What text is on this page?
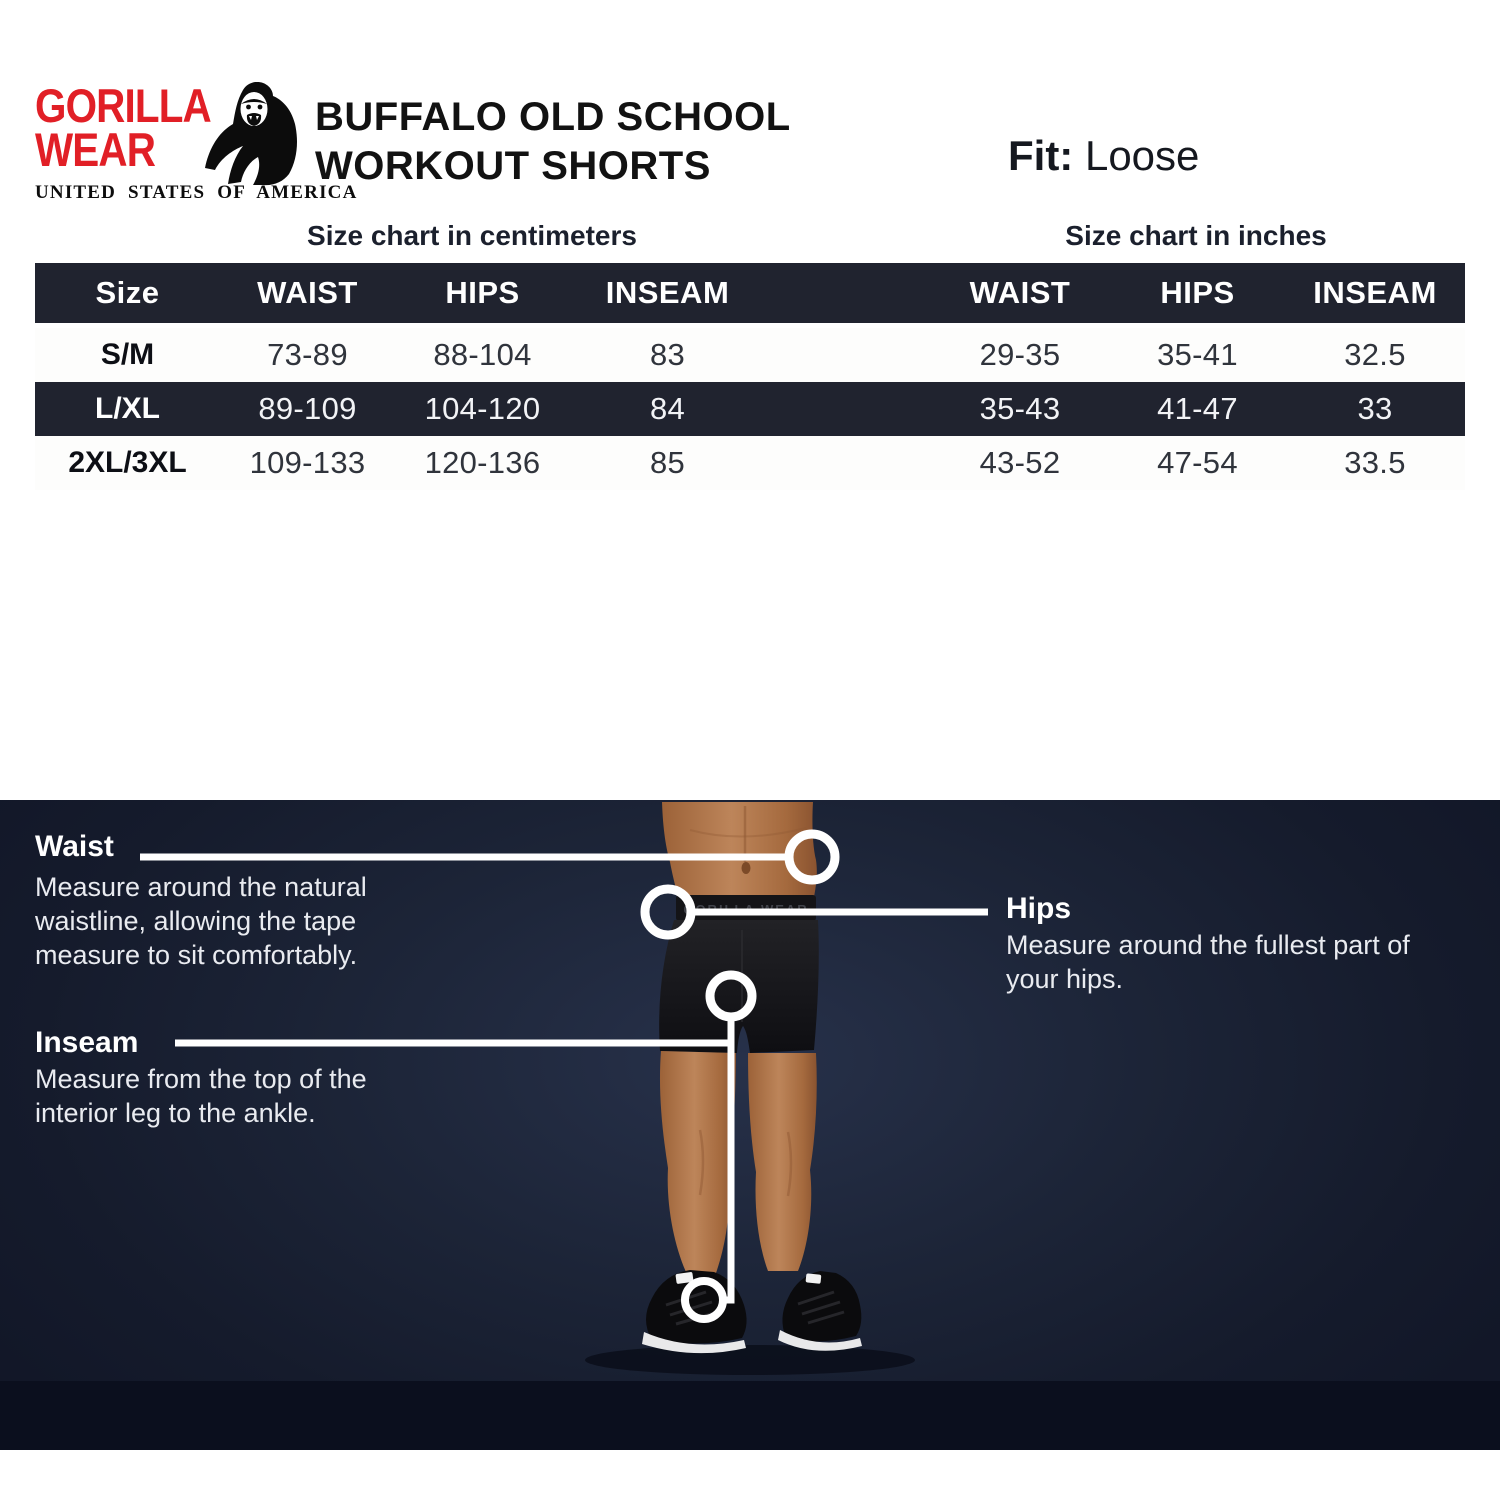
GORILLA
WEAR
UNITED STATES OF AMERICA
BUFFALO OLD SCHOOL
WORKOUT SHORTS	Fit: Loose
Size chart in centimeters	Size chart in inches
Size	WAIST	HIPS	INSEAM	WAIST	HIPS	INSEAM
S/M	73-89	88-104	83	29-35	35-41	32.5
L/XL	89-109	104-120	84	35-43	41-47	33
2XL/3XL	109-133	120-136	85	43-52	47-54	33.5
GORILLA WEAR
Waist
Measure around the natural
waistline, allowing the tape
measure to sit comfortably.
Hips
Measure around the fullest part of
your hips.
Inseam
Measure from the top of the
interior leg to the ankle.
